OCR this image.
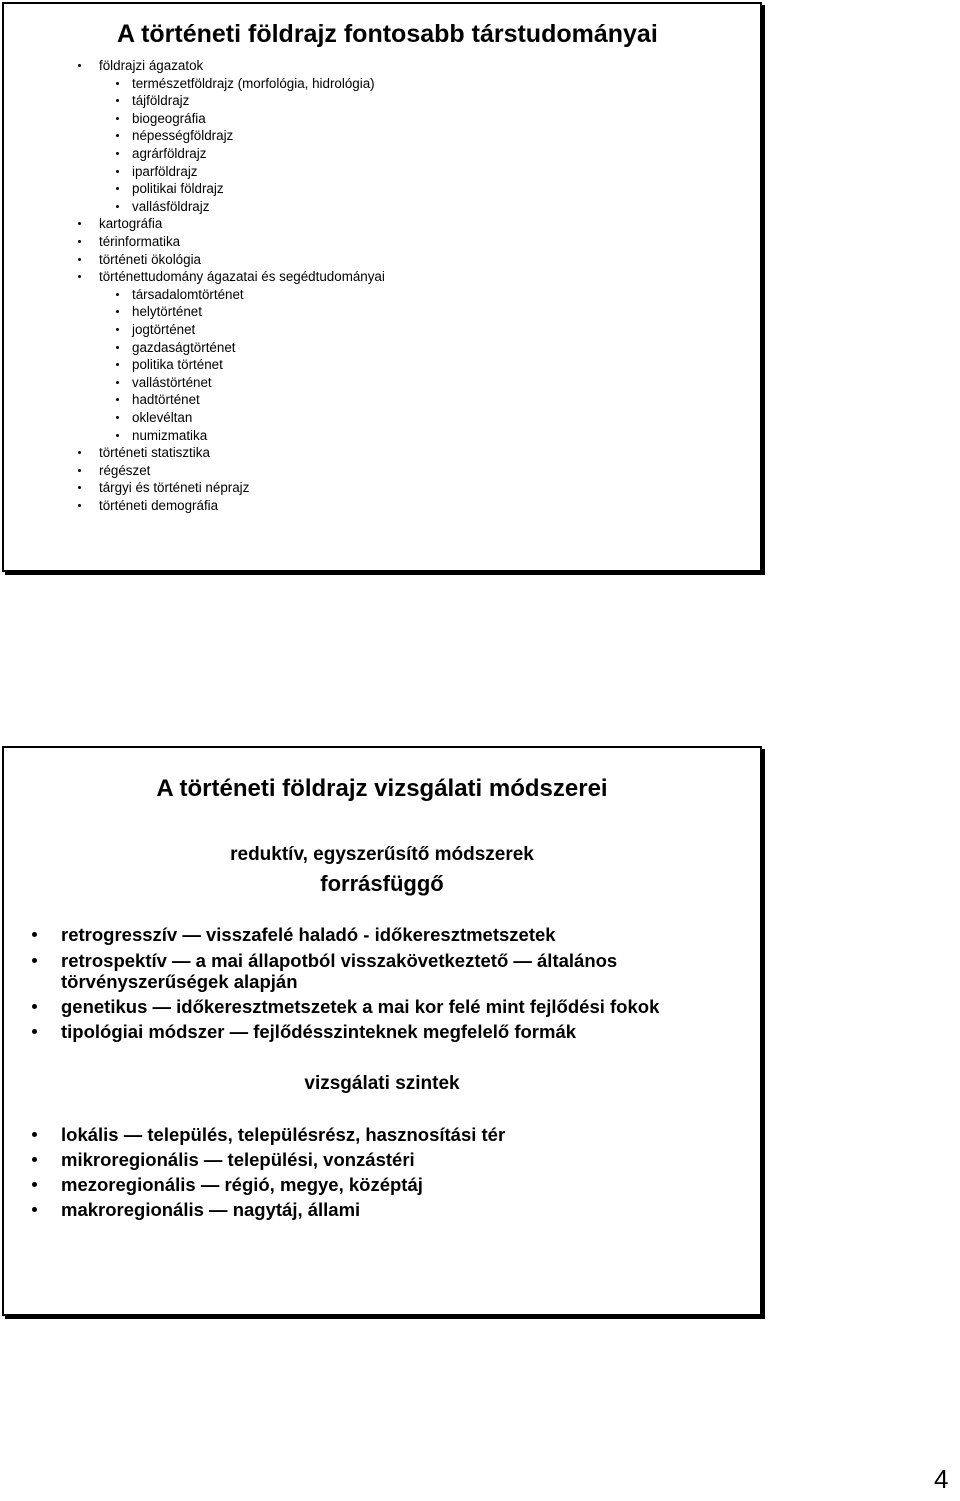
A történeti földrajz fontosabb társtudományai
földrajzi ágazatok
természetföldrajz (morfológia, hidrológia)
tájföldrajz
biogeográfia
népességföldrajz
agrárföldrajz
iparföldrajz
politikai földrajz
vallásföldrajz
kartográfia
térinformatika
történeti ökológia
történettudomány ágazatai és segédtudományai
társadalomtörténet
helytörténet
jogtörténet
gazdaságtörténet
politika történet
vallástörténet
hadtörténet
oklevéltan
numizmatika
történeti statisztika
régészet
tárgyi és történeti néprajz
történeti demográfia
A történeti földrajz vizsgálati módszerei
reduktív, egyszerűsítő módszerek
forrásfüggő
retrogresszív — visszafelé haladó - időkeresztmetszetek
retrospektív — a mai állapotból visszakövetkeztető — általános törvényszerűségek alapján
genetikus — időkeresztmetszetek a mai kor felé mint fejlődési fokok
tipológiai módszer — fejlődésszinteknek megfelelő formák
vizsgálati szintek
lokális — település, településrész, hasznosítási tér
mikroregionális — települési, vonzástéri
mezoregionális — régió, megye, középtáj
makroregionális — nagytáj, állami
4
